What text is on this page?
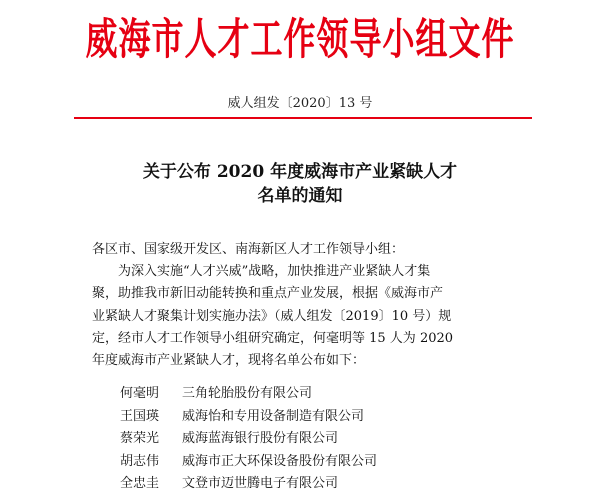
威海市人才工作领导小组文件
威人组发〔2020〕13 号
关于公布 2020 年度威海市产业紧缺人才
名单的通知
各区市、国家级开发区、南海新区人才工作领导小组：
为深入实施“人才兴威”战略，加快推进产业紧缺人才集
聚，助推我市新旧动能转换和重点产业发展，根据《威海市产
业紧缺人才聚集计划实施办法》（威人组发〔2019〕10 号）规
定，经市人才工作领导小组研究确定，何毫明等 15 人为 2020
年度威海市产业紧缺人才，现将名单公布如下：
何毫明 三角轮胎股份有限公司
王国瑛 威海怡和专用设备制造有限公司
蔡荣光 威海蓝海银行股份有限公司
胡志伟 威海市正大环保设备股份有限公司
全忠圭 文登市迈世腾电子有限公司
